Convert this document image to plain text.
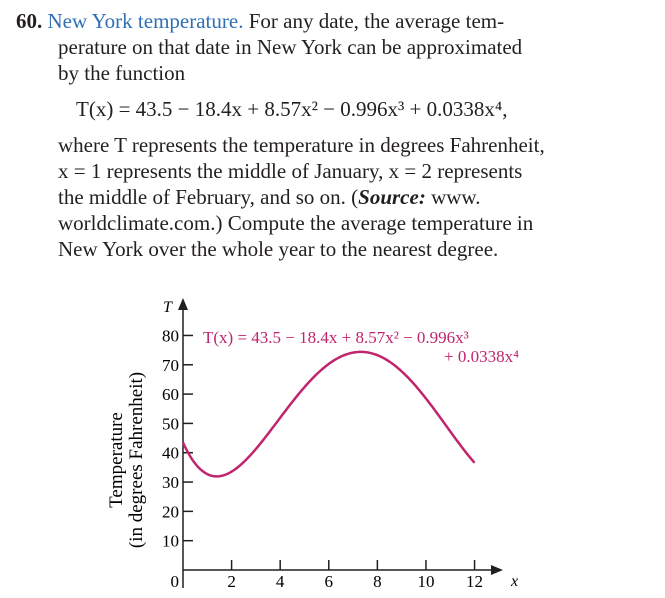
60. New York temperature. For any date, the average tem-
perature on that date in New York can be approximated
by the function

T(x) = 43.5 − 18.4x + 8.57x² − 0.996x³ + 0.0338x⁴,

where T represents the temperature in degrees Fahrenheit,
x = 1 represents the middle of January, x = 2 represents
the middle of February, and so on. (Source: www.
worldclimate.com.) Compute the average temperature in
New York over the whole year to the nearest degree.

Temperature (in degrees Fahrenheit)
T
x
10
20
30
40
50
60
70
80
0	2 4 6 8 10 12
T(x) = 43.5 − 18.4x + 8.57x² − 0.996x³
+ 0.0338x⁴
